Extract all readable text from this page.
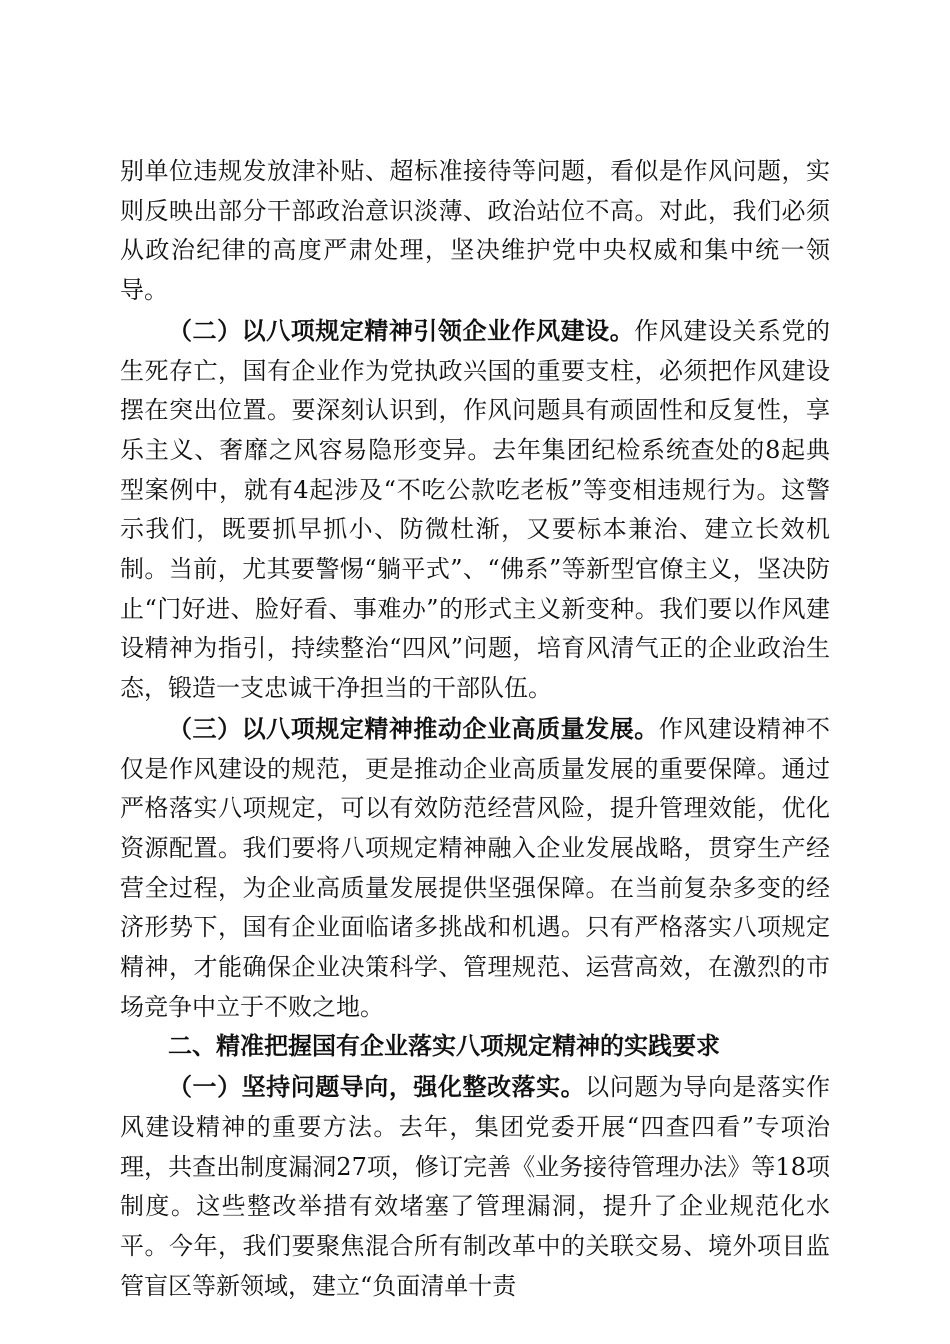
别单位违规发放津补贴、超标准接待等问题，看似是作风问题，实则反映出部分干部政治意识淡薄、政治站位不高。对此，我们必须从政治纪律的高度严肃处理，坚决维护党中央权威和集中统一领导。

（二）以八项规定精神引领企业作风建设。作风建设关系党的生死存亡，国有企业作为党执政兴国的重要支柱，必须把作风建设摆在突出位置。要深刻认识到，作风问题具有顽固性和反复性，享乐主义、奢靡之风容易隐形变异。去年集团纪检系统查处的8起典型案例中，就有4起涉及“不吃公款吃老板”等变相违规行为。这警示我们，既要抓早抓小、防微杜渐，又要标本兼治、建立长效机制。当前，尤其要警惕“躺平式”、“佛系”等新型官僚主义，坚决防止“门好进、脸好看、事难办”的形式主义新变种。我们要以作风建设精神为指引，持续整治“四风”问题，培育风清气正的企业政治生态，锻造一支忠诚干净担当的干部队伍。

（三）以八项规定精神推动企业高质量发展。作风建设精神不仅是作风建设的规范，更是推动企业高质量发展的重要保障。通过严格落实八项规定，可以有效防范经营风险，提升管理效能，优化资源配置。我们要将八项规定精神融入企业发展战略，贯穿生产经营全过程，为企业高质量发展提供坚强保障。在当前复杂多变的经济形势下，国有企业面临诸多挑战和机遇。只有严格落实八项规定精神，才能确保企业决策科学、管理规范、运营高效，在激烈的市场竞争中立于不败之地。

二、精准把握国有企业落实八项规定精神的实践要求

（一）坚持问题导向，强化整改落实。以问题为导向是落实作风建设精神的重要方法。去年，集团党委开展“四查四看”专项治理，共查出制度漏洞27项，修订完善《业务接待管理办法》等18项制度。这些整改举措有效堵塞了管理漏洞，提升了企业规范化水平。今年，我们要聚焦混合所有制改革中的关联交易、境外项目监管盲区等新领域，建立“负面清单十责
